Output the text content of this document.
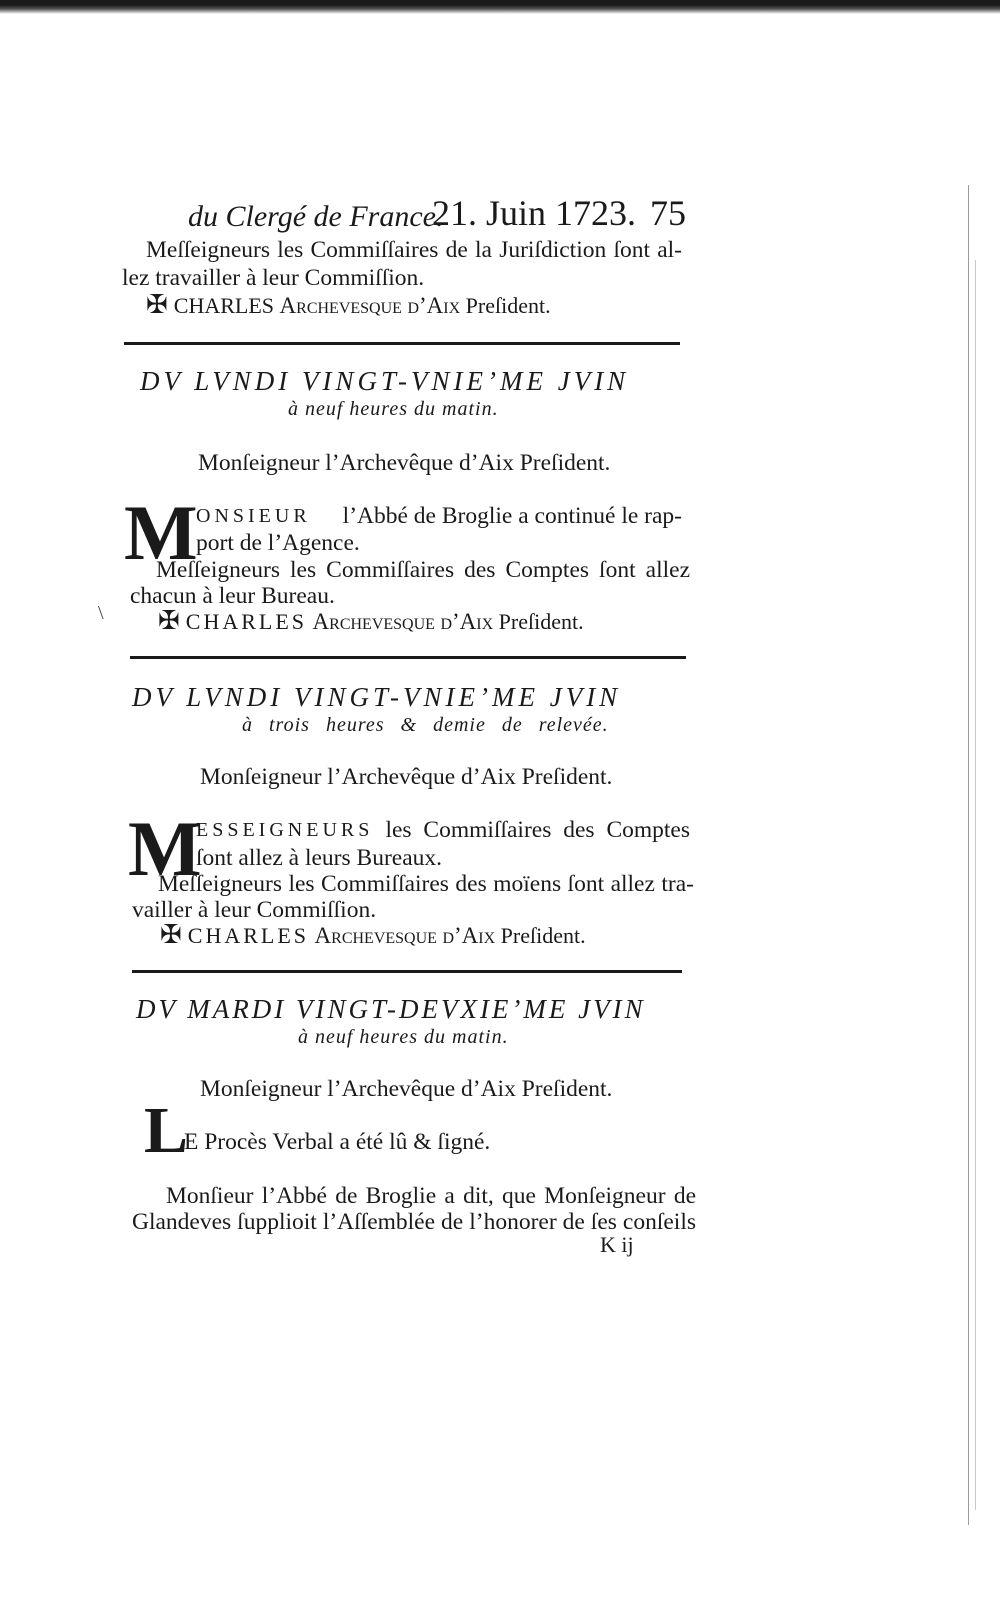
\
du Clergé de France.
21. Juin 1723. 75
Meſſeigneurs les Commiſſaires de la Juriſdiction ſont al-
lez travailler à leur Commiſſion.
✠ CHARLES Archevesque d’Aix Preſident.
DV LVNDI VINGT-VNIE’ME JVIN
à neuf heures du matin.
Monſeigneur l’Archevêque d’Aix Preſident.
M
ONSIEUR l’Abbé de Broglie a continué le rap-
port de l’Agence.
Meſſeigneurs les Commiſſaires des Comptes ſont allez
chacun à leur Bureau.
✠ CHARLES Archevesque d’Aix Preſident.
DV LVNDI VINGT-VNIE’ME JVIN
à trois heures & demie de relevée.
Monſeigneur l’Archevêque d’Aix Preſident.
M
ESSEIGNEURS les Commiſſaires des Comptes
ſont allez à leurs Bureaux.
Meſſeigneurs les Commiſſaires des moïens ſont allez tra-
vailler à leur Commiſſion.
✠ CHARLES Archevesque d’Aix Preſident.
DV MARDI VINGT-DEVXIE’ME JVIN
à neuf heures du matin.
Monſeigneur l’Archevêque d’Aix Preſident.
L
E Procès Verbal a été lû & ſigné.
Monſieur l’Abbé de Broglie a dit, que Monſeigneur de
Glandeves ſupplioit l’Aſſemblée de l’honorer de ſes conſeils
K ij
